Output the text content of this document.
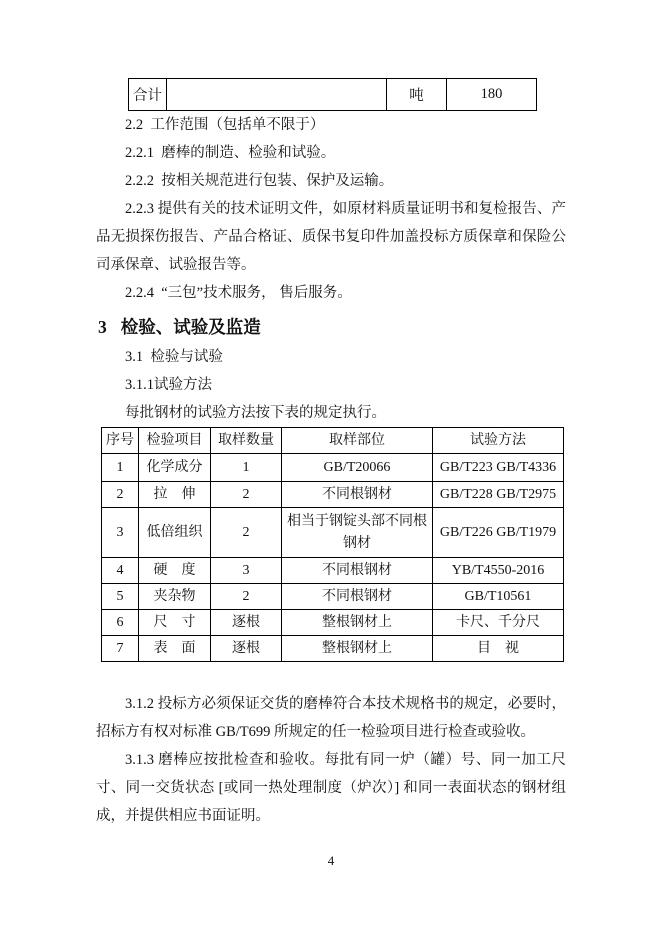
合计		吨	180

2.2  工作范围（包括单不限于）

2.2.1  磨棒的制造、检验和试验。

2.2.2  按相关规范进行包装、保护及运输。

2.2.3 提供有关的技术证明文件，如原材料质量证明书和复检报告、产品无损探伤报告、产品合格证、质保书复印件加盖投标方质保章和保险公司承保章、试验报告等。

2.2.4  “三包”技术服务， 售后服务。

3 检验、试验及监造

3.1  检验与试验

3.1.1试验方法

每批钢材的试验方法按下表的规定执行。

序号	检验项目	取样数量	取样部位	试验方法
1	化学成分	1	GB/T20066	GB/T223 GB/T4336
2	拉　伸	2	不同根钢材	GB/T228 GB/T2975
3	低倍组织	2	相当于钢锭头部不同根钢材	GB/T226 GB/T1979
4	硬　度	3	不同根钢材	YB/T4550-2016
5	夹杂物	2	不同根钢材	GB/T10561
6	尺　寸	逐根	整根钢材上	卡尺、千分尺
7	表　面	逐根	整根钢材上	目　视

3.1.2 投标方必须保证交货的磨棒符合本技术规格书的规定，必要时，招标方有权对标准 GB/T699 所规定的任一检验项目进行检查或验收。

3.1.3 磨棒应按批检查和验收。每批有同一炉（罐）号、同一加工尺寸、同一交货状态 [或同一热处理制度（炉次）] 和同一表面状态的钢材组成，并提供相应书面证明。

4
